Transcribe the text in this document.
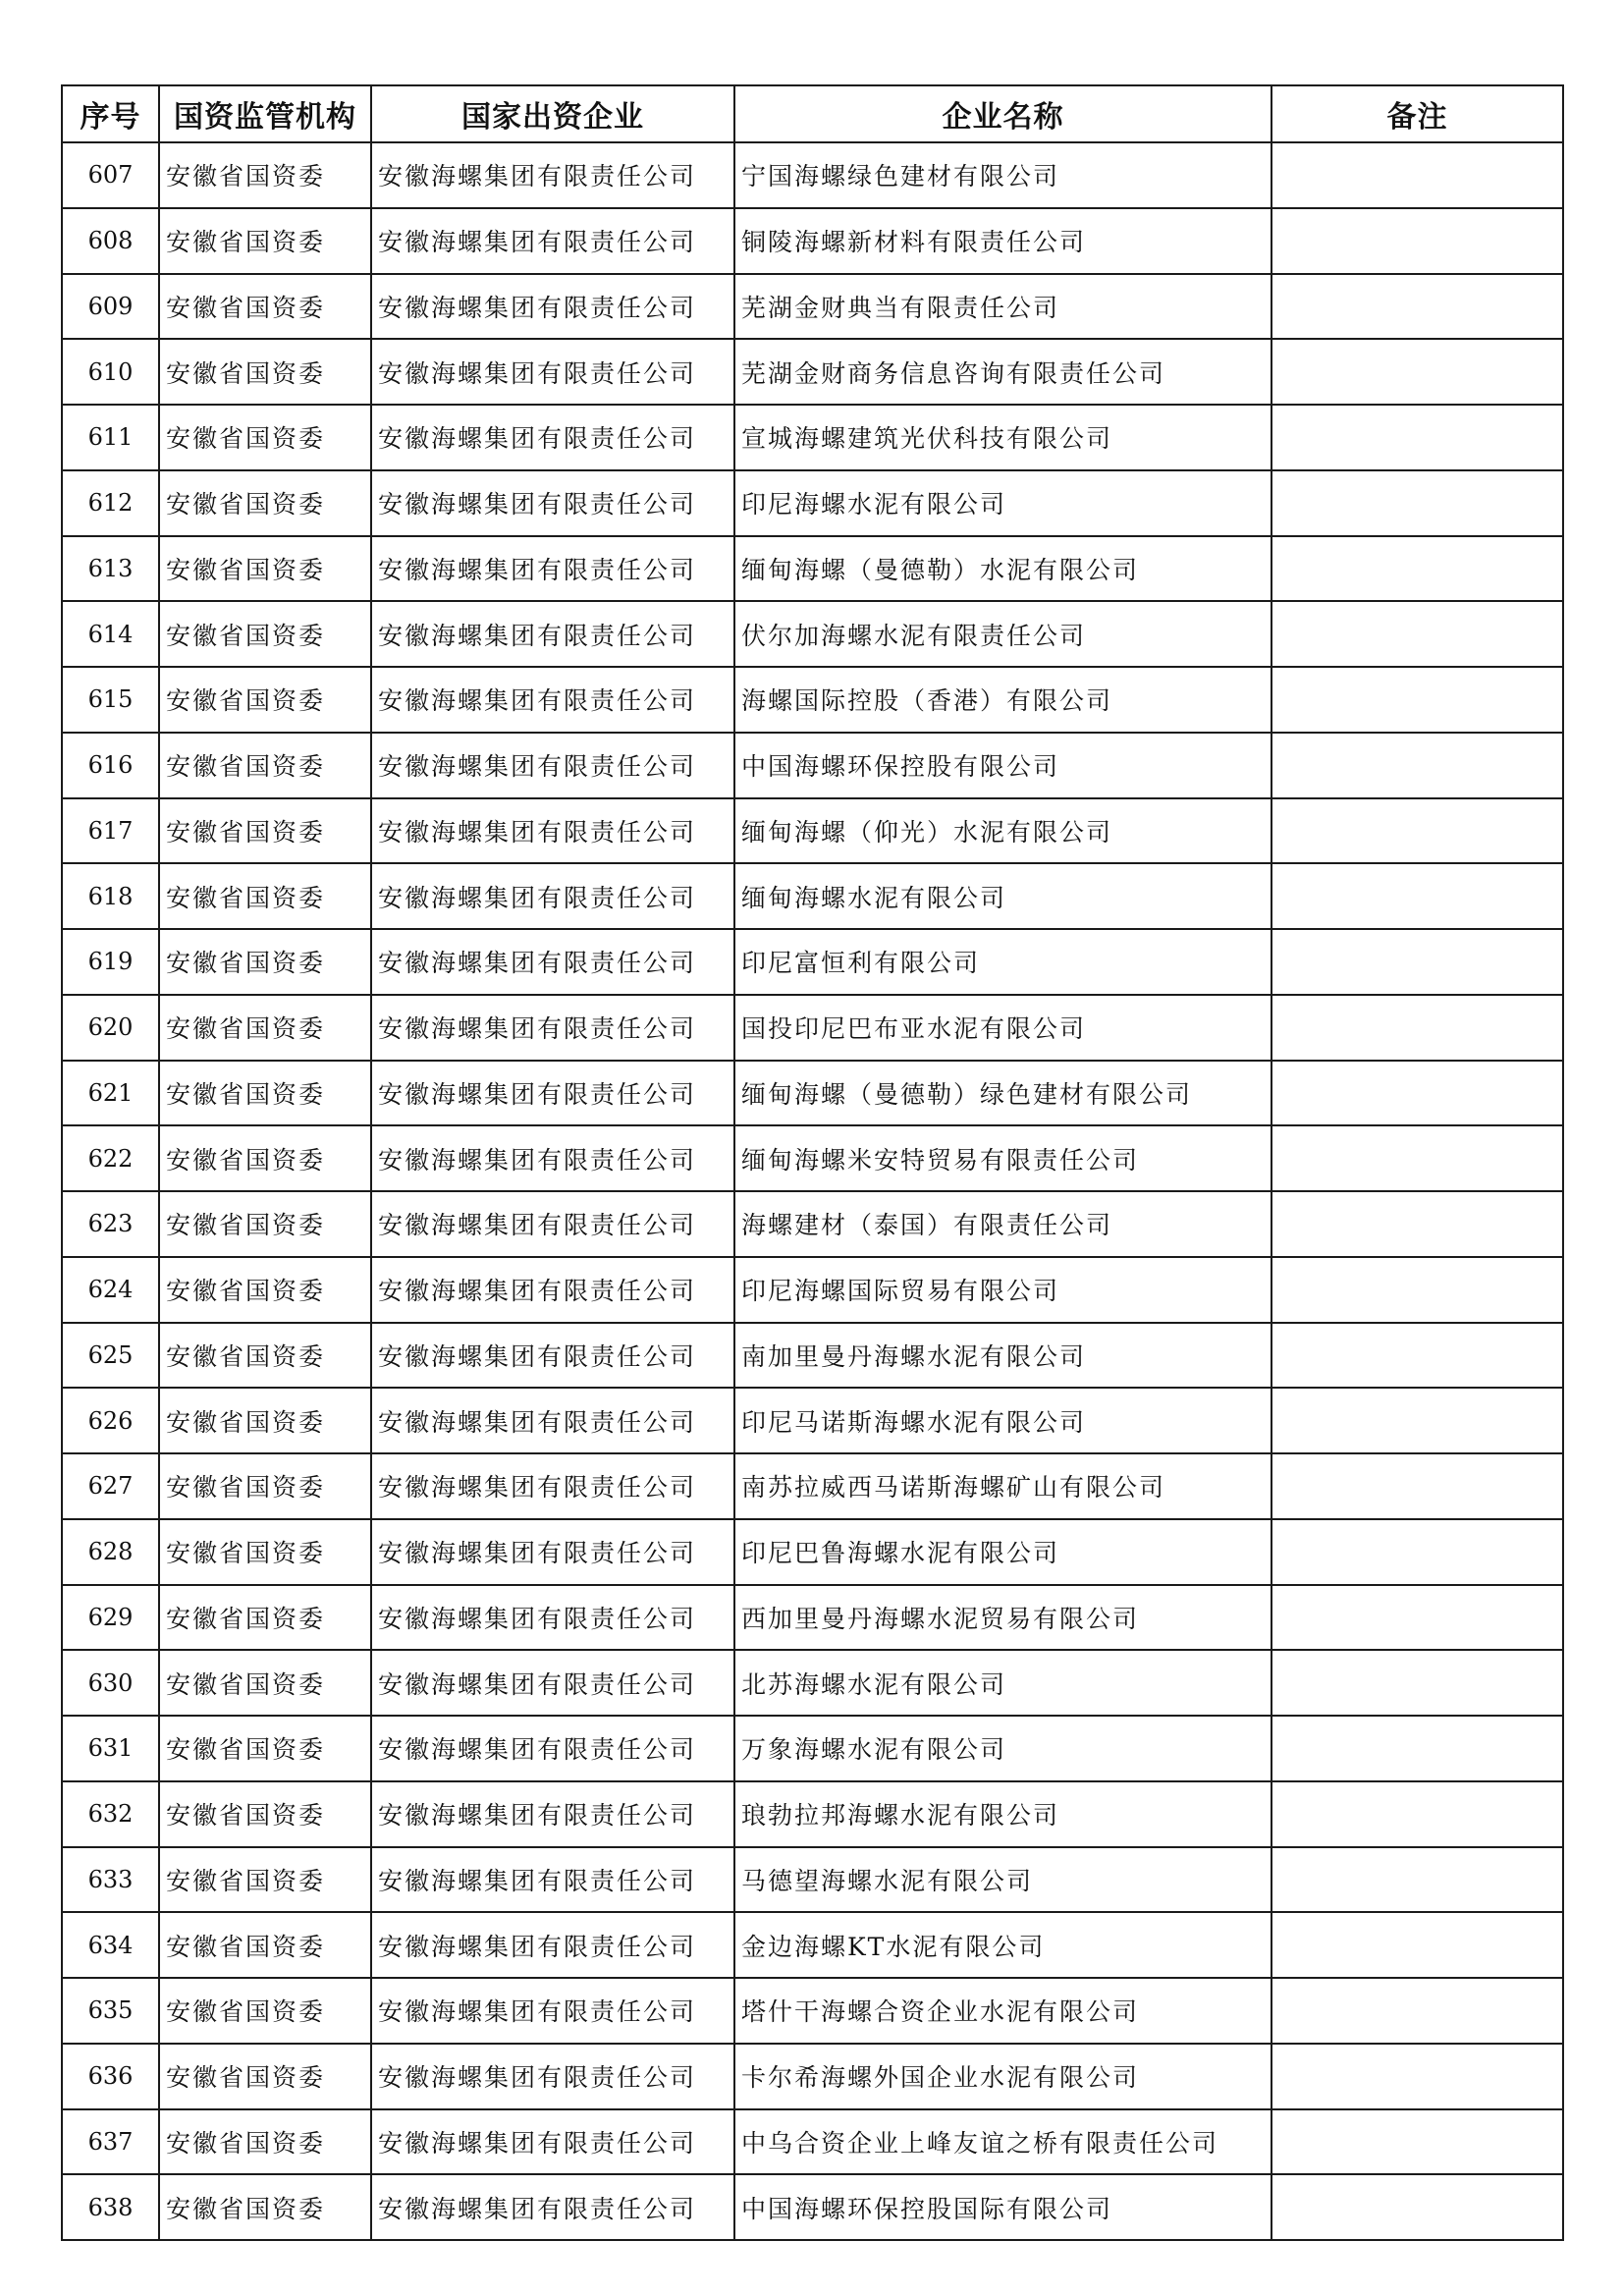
序号	国资监管机构	国家出资企业	企业名称	备注
607	安徽省国资委	安徽海螺集团有限责任公司	宁国海螺绿色建材有限公司	
608	安徽省国资委	安徽海螺集团有限责任公司	铜陵海螺新材料有限责任公司	
609	安徽省国资委	安徽海螺集团有限责任公司	芜湖金财典当有限责任公司	
610	安徽省国资委	安徽海螺集团有限责任公司	芜湖金财商务信息咨询有限责任公司	
611	安徽省国资委	安徽海螺集团有限责任公司	宣城海螺建筑光伏科技有限公司	
612	安徽省国资委	安徽海螺集团有限责任公司	印尼海螺水泥有限公司	
613	安徽省国资委	安徽海螺集团有限责任公司	缅甸海螺（曼德勒）水泥有限公司	
614	安徽省国资委	安徽海螺集团有限责任公司	伏尔加海螺水泥有限责任公司	
615	安徽省国资委	安徽海螺集团有限责任公司	海螺国际控股（香港）有限公司	
616	安徽省国资委	安徽海螺集团有限责任公司	中国海螺环保控股有限公司	
617	安徽省国资委	安徽海螺集团有限责任公司	缅甸海螺（仰光）水泥有限公司	
618	安徽省国资委	安徽海螺集团有限责任公司	缅甸海螺水泥有限公司	
619	安徽省国资委	安徽海螺集团有限责任公司	印尼富恒利有限公司	
620	安徽省国资委	安徽海螺集团有限责任公司	国投印尼巴布亚水泥有限公司	
621	安徽省国资委	安徽海螺集团有限责任公司	缅甸海螺（曼德勒）绿色建材有限公司	
622	安徽省国资委	安徽海螺集团有限责任公司	缅甸海螺米安特贸易有限责任公司	
623	安徽省国资委	安徽海螺集团有限责任公司	海螺建材（泰国）有限责任公司	
624	安徽省国资委	安徽海螺集团有限责任公司	印尼海螺国际贸易有限公司	
625	安徽省国资委	安徽海螺集团有限责任公司	南加里曼丹海螺水泥有限公司	
626	安徽省国资委	安徽海螺集团有限责任公司	印尼马诺斯海螺水泥有限公司	
627	安徽省国资委	安徽海螺集团有限责任公司	南苏拉威西马诺斯海螺矿山有限公司	
628	安徽省国资委	安徽海螺集团有限责任公司	印尼巴鲁海螺水泥有限公司	
629	安徽省国资委	安徽海螺集团有限责任公司	西加里曼丹海螺水泥贸易有限公司	
630	安徽省国资委	安徽海螺集团有限责任公司	北苏海螺水泥有限公司	
631	安徽省国资委	安徽海螺集团有限责任公司	万象海螺水泥有限公司	
632	安徽省国资委	安徽海螺集团有限责任公司	琅勃拉邦海螺水泥有限公司	
633	安徽省国资委	安徽海螺集团有限责任公司	马德望海螺水泥有限公司	
634	安徽省国资委	安徽海螺集团有限责任公司	金边海螺KT水泥有限公司	
635	安徽省国资委	安徽海螺集团有限责任公司	塔什干海螺合资企业水泥有限公司	
636	安徽省国资委	安徽海螺集团有限责任公司	卡尔希海螺外国企业水泥有限公司	
637	安徽省国资委	安徽海螺集团有限责任公司	中乌合资企业上峰友谊之桥有限责任公司	
638	安徽省国资委	安徽海螺集团有限责任公司	中国海螺环保控股国际有限公司	
